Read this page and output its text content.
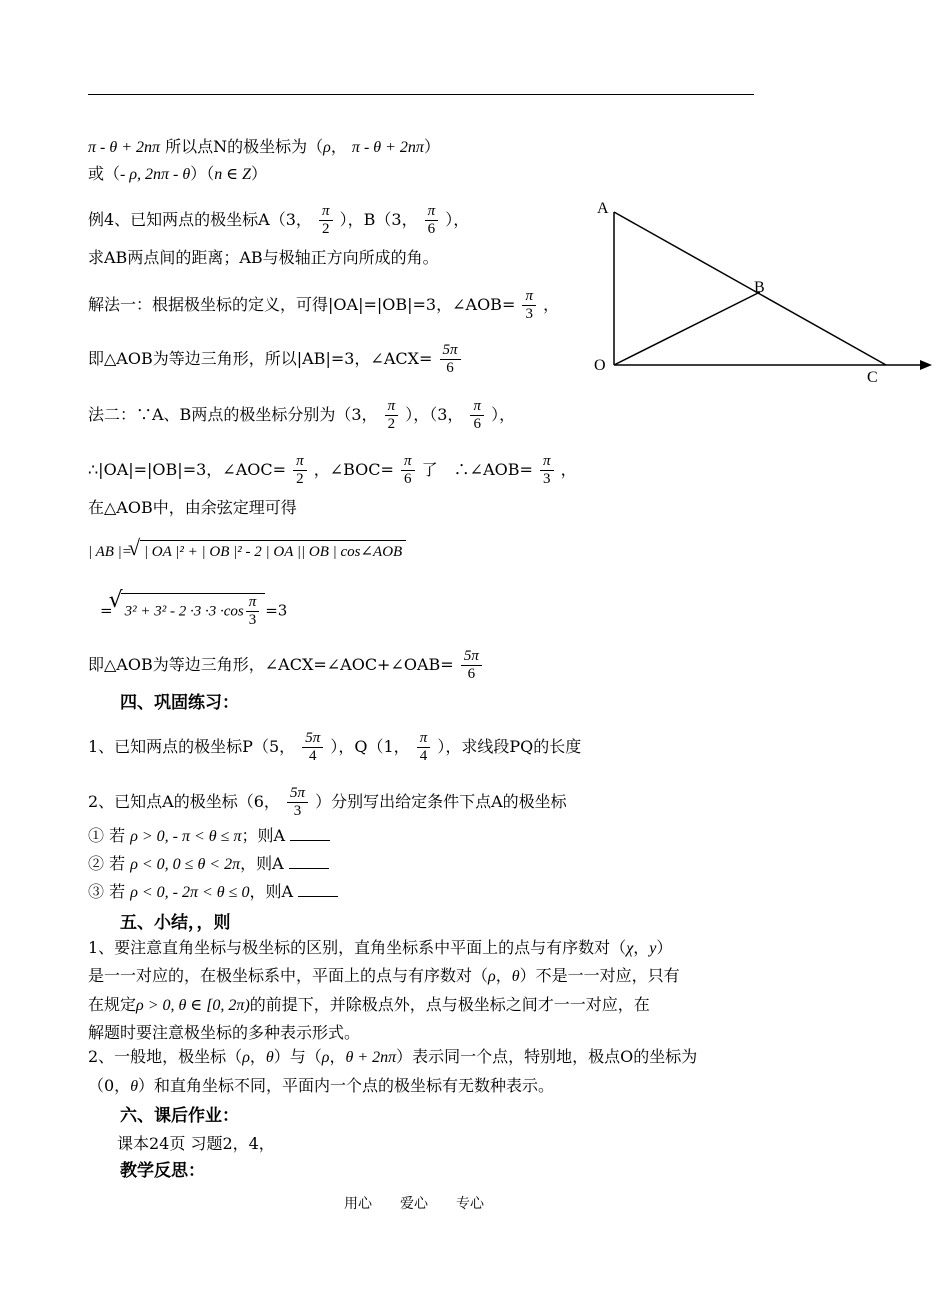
π - θ + 2nπ 所以点N的极坐标为（ρ， π - θ + 2nπ）
或（- ρ, 2nπ - θ）（n ∈ Z）
例4、已知两点的极坐标A（3， $\frac{\pi}{2}$ ），B（3， $\frac{\pi}{6}$ ），
求AB两点间的距离；AB与极轴正方向所成的角。
解法一：根据极坐标的定义，可得|OA|=|OB|=3，∠AOB= $\frac{\pi}{3}$ ，
即△AOB为等边三角形，所以|AB|=3，∠ACX= $\frac{5\pi}{6}$
法二：∵A、B两点的极坐标分别为（3， $\frac{\pi}{2}$ ），（3， $\frac{\pi}{6}$ ），
∴|OA|=|OB|=3，∠AOC= $\frac{\pi}{2}$ ，∠BOC= $\frac{\pi}{6}$ 了　∴∠AOB= $\frac{\pi}{3}$ ，
在△AOB中，由余弦定理可得
| AB |= √ | OA |² + | OB |² - 2 | OA || OB | cos∠AOB
= √ $3^2 + 3^2 - 2 \cdot 3 \cdot 3 \cdot\cos \frac{\pi}{3} =3$
即△AOB为等边三角形，∠ACX=∠AOC+∠OAB= $\frac{5\pi}{6}$
四、巩固练习：
1、已知两点的极坐标P（5， $\frac{5\pi}{4}$ ），Q（1， $\frac{\pi}{4}$ ），求线段PQ的长度
2、已知点A的极坐标（6， $\frac{5\pi}{3}$ ）分别写出给定条件下点A的极坐标
① 若 ρ > 0, - π < θ ≤ π；则A
② 若 ρ < 0, 0 ≤ θ < 2π，则A
③ 若 ρ < 0, - 2π < θ ≤ 0，则A
五、小结，，则
1、要注意直角坐标与极坐标的区别，直角坐标系中平面上的点与有序数对（χ，y）
是一一对应的，在极坐标系中，平面上的点与有序数对（ρ，θ）不是一一对应，只有
在规定ρ > 0, θ ∈ [0, 2π)的前提下，并除极点外，点与极坐标之间才一一对应，在
解题时要注意极坐标的多种表示形式。
2、一般地，极坐标（ρ，θ）与（ρ，θ + 2nπ）表示同一个点，特别地，极点O的坐标为
（0，θ）和直角坐标不同，平面内一个点的极坐标有无数种表示。
六、课后作业：
课本24页 习题2，4，
教学反思：
用心 爱心 专心
A
B
O
C
